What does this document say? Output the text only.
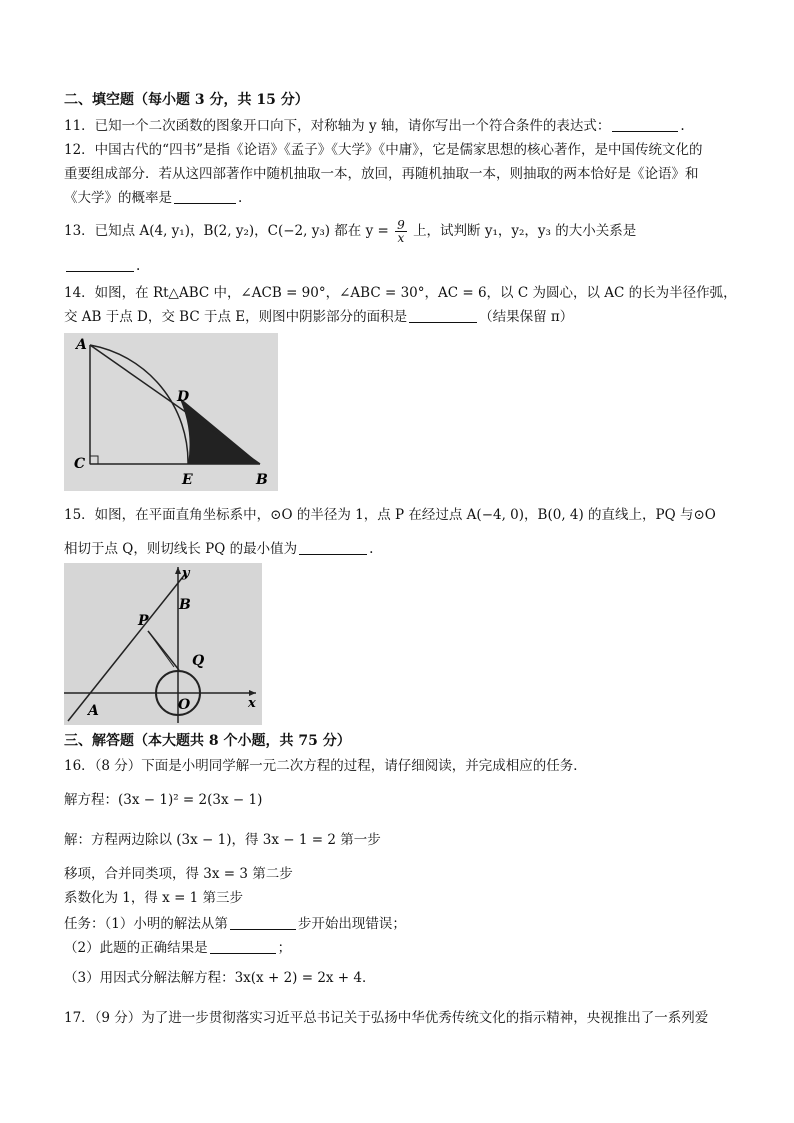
二、填空题（每小题 3 分，共 15 分）
11．已知一个二次函数的图象开口向下，对称轴为 y 轴，请你写出一个符合条件的表达式：	.
12．中国古代的“四书”是指《论语》《孟子》《大学》《中庸》，它是儒家思想的核心著作，是中国传统文化的
重要组成部分．若从这四部著作中随机抽取一本，放回，再随机抽取一本，则抽取的两本恰好是《论语》和
《大学》的概率是	.
13．已知点 A(4, y₁)，B(2, y₂)，C(−2, y₃) 都在 $y = \frac{9}{x}$ 上，试判断 y₁，y₂，y₃ 的大小关系是
.
14．如图，在 Rt△ABC 中，∠ACB = 90°，∠ABC = 30°，AC = 6，以 C 为圆心，以 AC 的长为半径作弧，
交 AB 于点 D，交 BC 于点 E，则图中阴影部分的面积是	（结果保留 π）
A
C
D
E	B
15．如图，在平面直角坐标系中，⊙O 的半径为 1，点 P 在经过点 A(−4, 0)，B(0, 4) 的直线上，PQ 与⊙O
相切于点 Q，则切线长 PQ 的最小值为	.
y
x
B
P
Q
O
A
三、解答题（本大题共 8 个小题，共 75 分）
16．（8 分）下面是小明同学解一元二次方程的过程，请仔细阅读，并完成相应的任务．
解方程：(3x − 1)² = 2(3x − 1)
解：方程两边除以 (3x − 1)，得 3x − 1 = 2 第一步
移项，合并同类项，得 3x = 3 第二步
系数化为 1，得 x = 1 第三步
任务：（1）小明的解法从第	步开始出现错误；
（2）此题的正确结果是	；
（3）用因式分解法解方程：3x(x + 2) = 2x + 4．
17．（9 分）为了进一步贯彻落实习近平总书记关于弘扬中华优秀传统文化的指示精神，央视推出了一系列爱
